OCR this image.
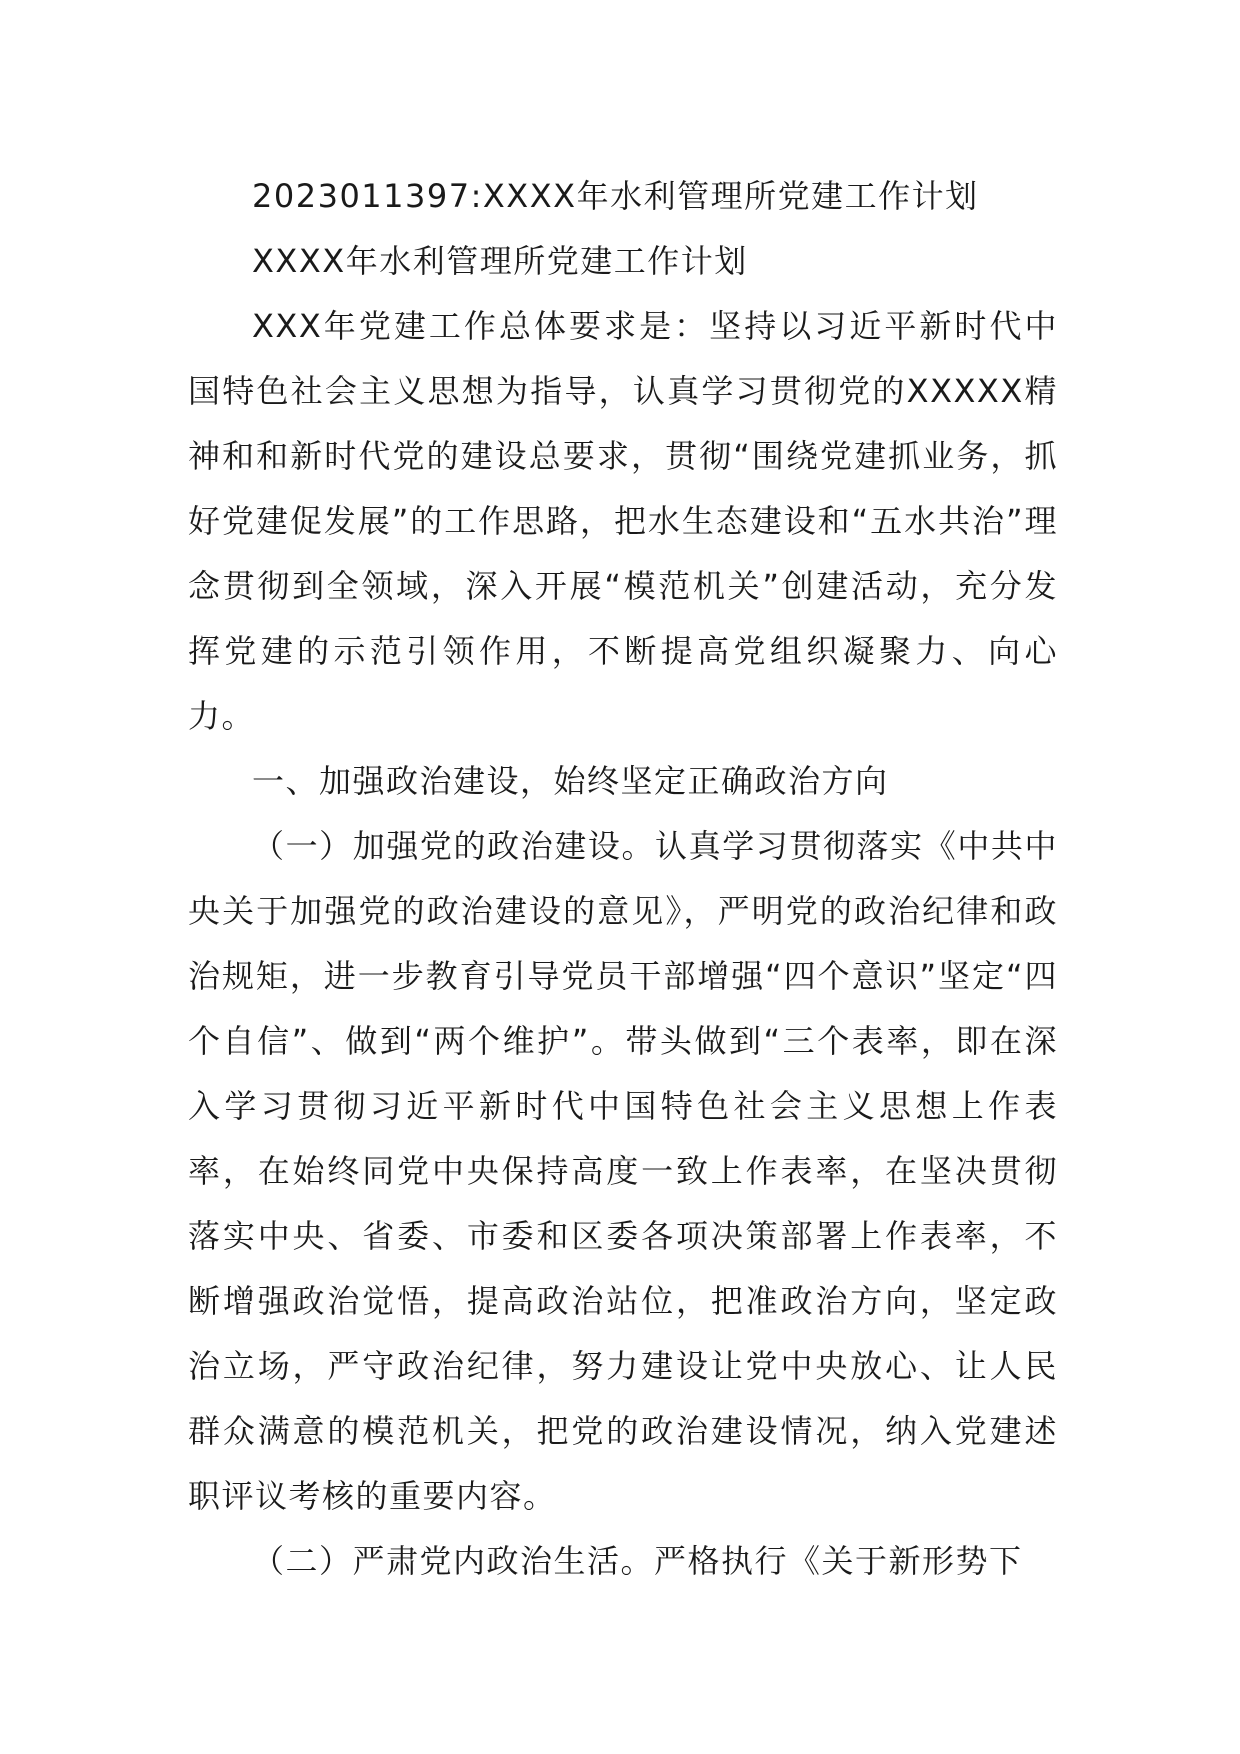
2023011397:XXXX年水利管理所党建工作计划

XXXX年水利管理所党建工作计划

XXX年党建工作总体要求是：坚持以习近平新时代中国特色社会主义思想为指导，认真学习贯彻党的XXXXX精神和和新时代党的建设总要求，贯彻“围绕党建抓业务，抓好党建促发展”的工作思路，把水生态建设和“五水共治”理念贯彻到全领域，深入开展“模范机关”创建活动，充分发挥党建的示范引领作用，不断提高党组织凝聚力、向心力。

一、加强政治建设，始终坚定正确政治方向

（一）加强党的政治建设。认真学习贯彻落实《中共中央关于加强党的政治建设的意见》，严明党的政治纪律和政治规矩，进一步教育引导党员干部增强“四个意识”坚定“四个自信”、做到“两个维护”。带头做到“三个表率，即在深入学习贯彻习近平新时代中国特色社会主义思想上作表率，在始终同党中央保持高度一致上作表率，在坚决贯彻落实中央、省委、市委和区委各项决策部署上作表率，不断增强政治觉悟，提高政治站位，把准政治方向，坚定政治立场，严守政治纪律，努力建设让党中央放心、让人民群众满意的模范机关，把党的政治建设情况，纳入党建述职评议考核的重要内容。

（二）严肃党内政治生活。严格执行《关于新形势下
